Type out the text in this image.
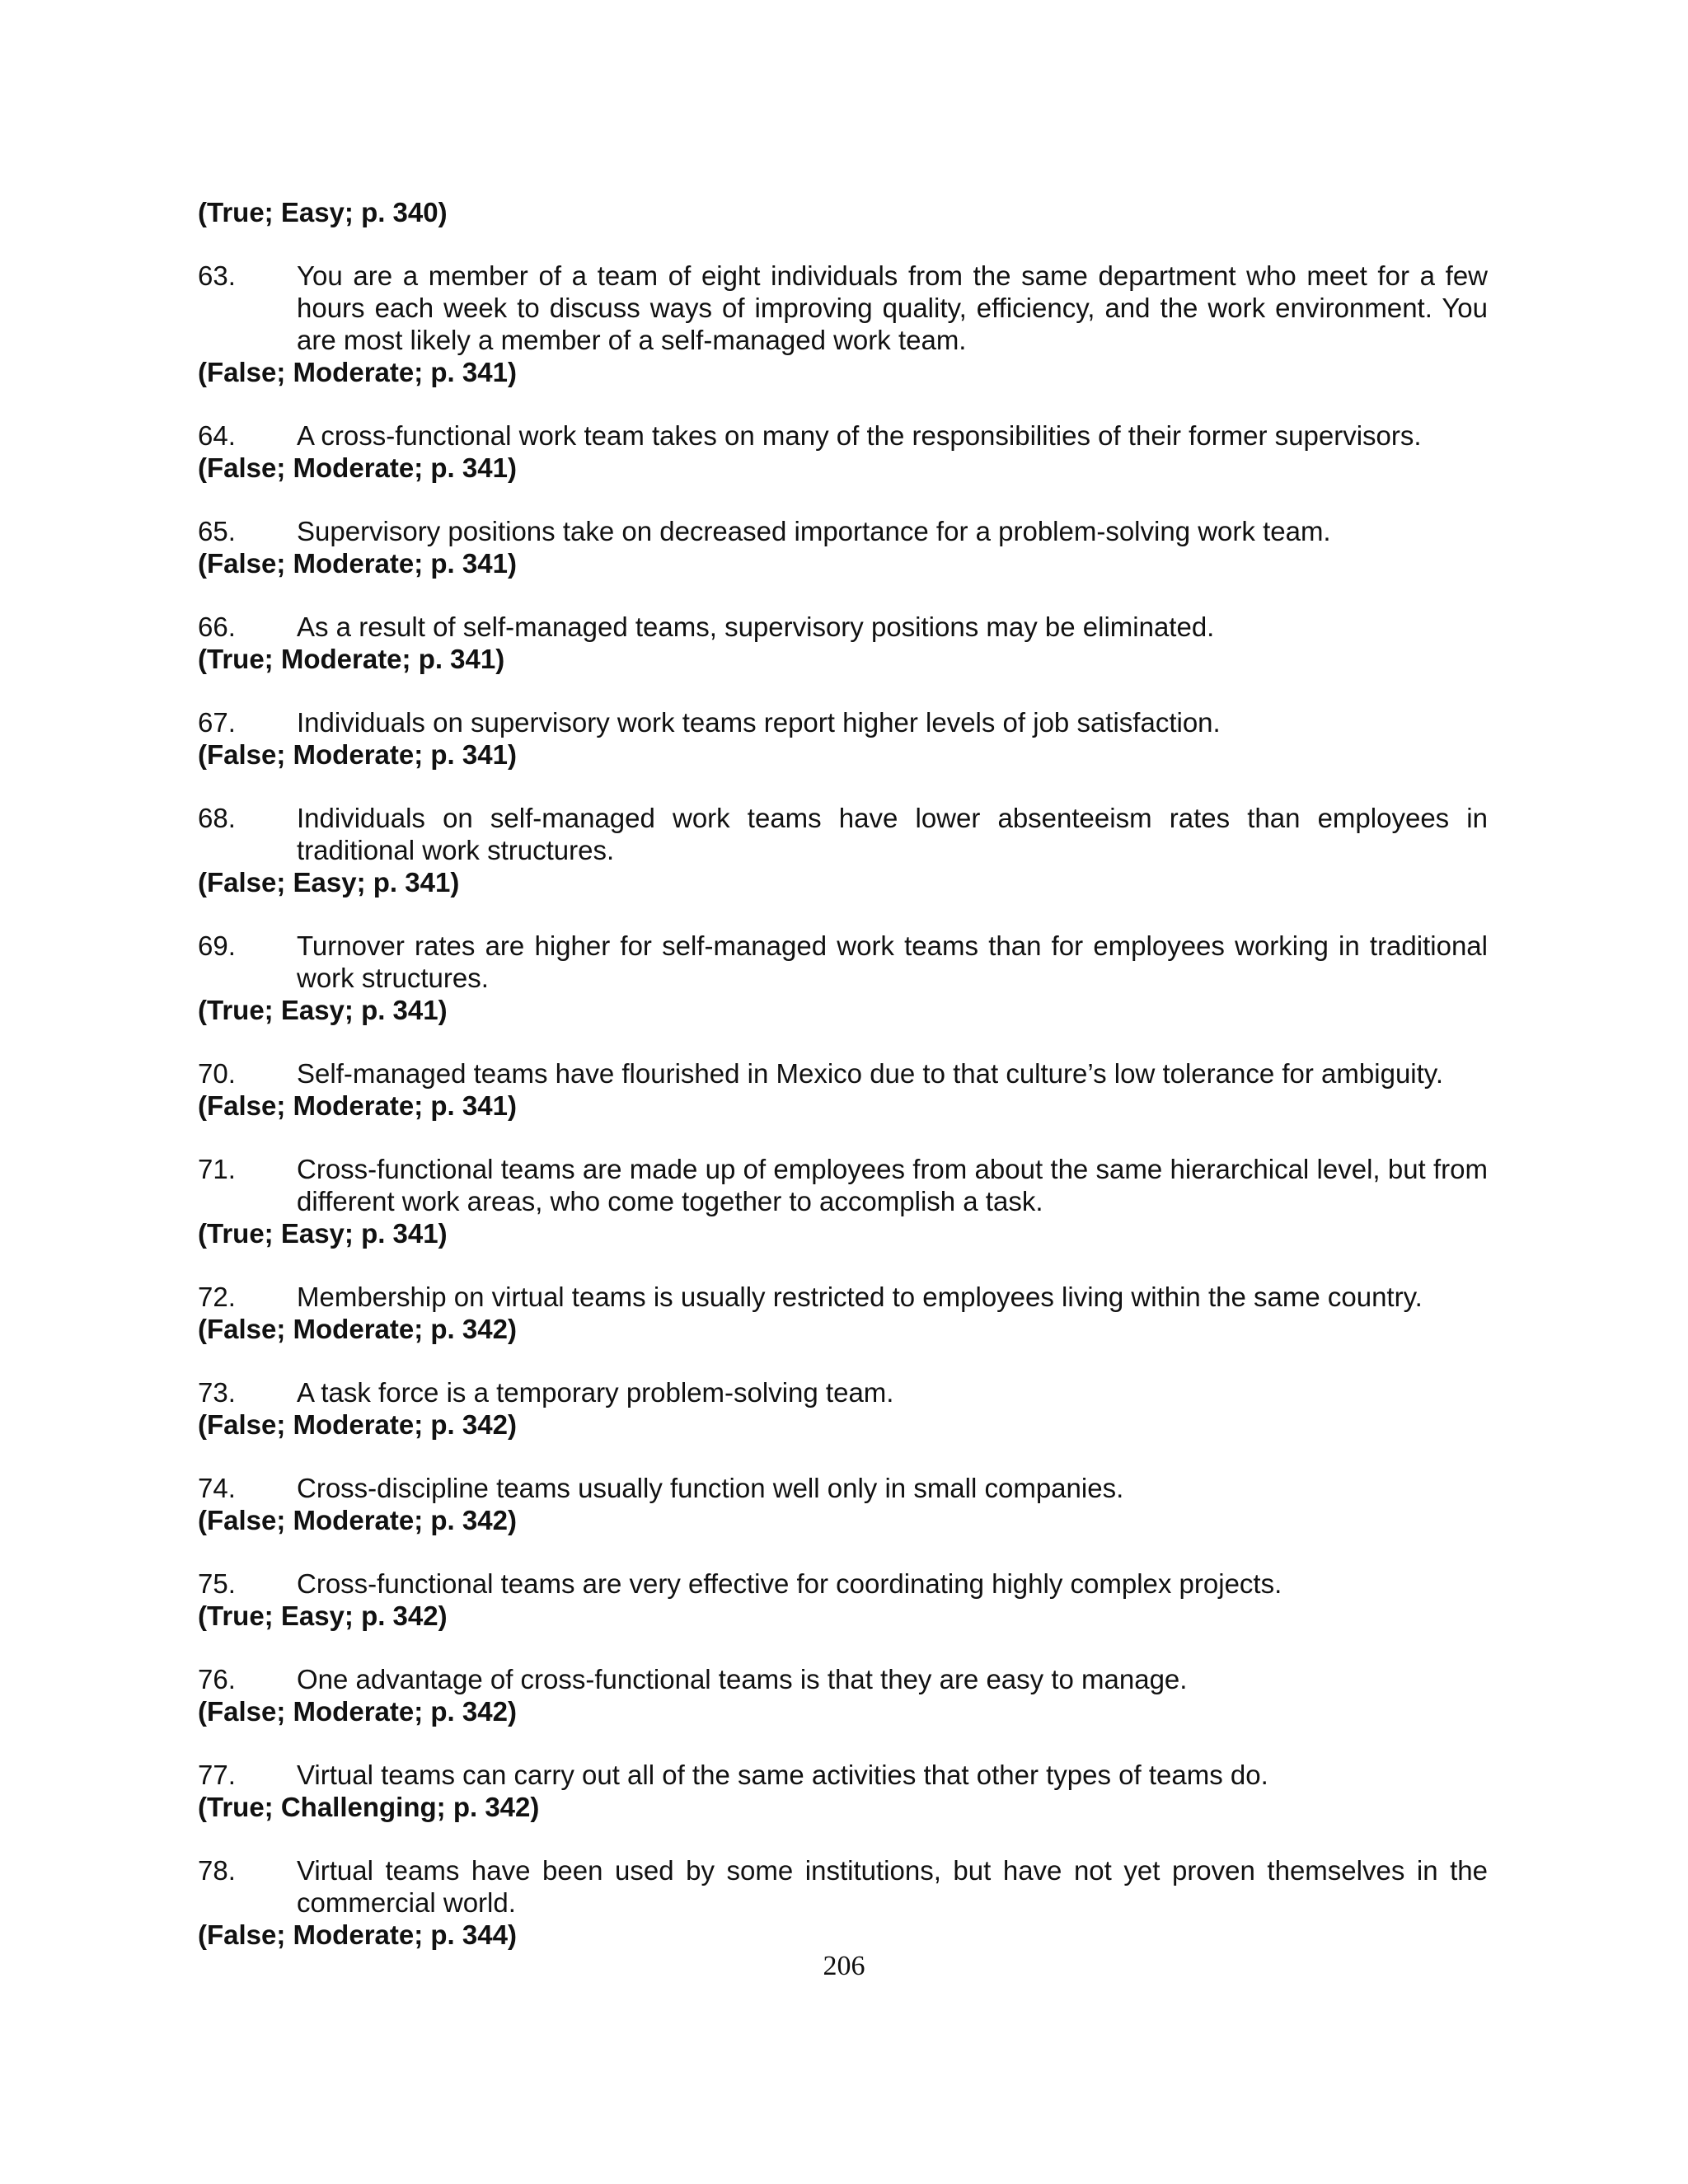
(True; Easy; p. 340)
63.	You are a member of a team of eight individuals from the same department who meet for a few hours each week to discuss ways of improving quality, efficiency, and the work environment. You are most likely a member of a self-managed work team.
(False; Moderate; p. 341)
64.	A cross-functional work team takes on many of the responsibilities of their former supervisors.
(False; Moderate; p. 341)
65.	Supervisory positions take on decreased importance for a problem-solving work team.
(False; Moderate; p. 341)
66.	As a result of self-managed teams, supervisory positions may be eliminated.
(True; Moderate; p. 341)
67.	Individuals on supervisory work teams report higher levels of job satisfaction.
(False; Moderate; p. 341)
68.	Individuals on self-managed work teams have lower absenteeism rates than employees in traditional work structures.
(False; Easy; p. 341)
69.	Turnover rates are higher for self-managed work teams than for employees working in traditional work structures.
(True; Easy; p. 341)
70.	Self-managed teams have flourished in Mexico due to that culture’s low tolerance for ambiguity.
(False; Moderate; p. 341)
71.	Cross-functional teams are made up of employees from about the same hierarchical level, but from different work areas, who come together to accomplish a task.
(True; Easy; p. 341)
72.	Membership on virtual teams is usually restricted to employees living within the same country.
(False; Moderate; p. 342)
73.	A task force is a temporary problem-solving team.
(False; Moderate; p. 342)
74.	Cross-discipline teams usually function well only in small companies.
(False; Moderate; p. 342)
75.	Cross-functional teams are very effective for coordinating highly complex projects.
(True; Easy; p. 342)
76.	One advantage of cross-functional teams is that they are easy to manage.
(False; Moderate; p. 342)
77.	Virtual teams can carry out all of the same activities that other types of teams do.
(True; Challenging; p. 342)
78.	Virtual teams have been used by some institutions, but have not yet proven themselves in the commercial world.
(False; Moderate; p. 344)
206
